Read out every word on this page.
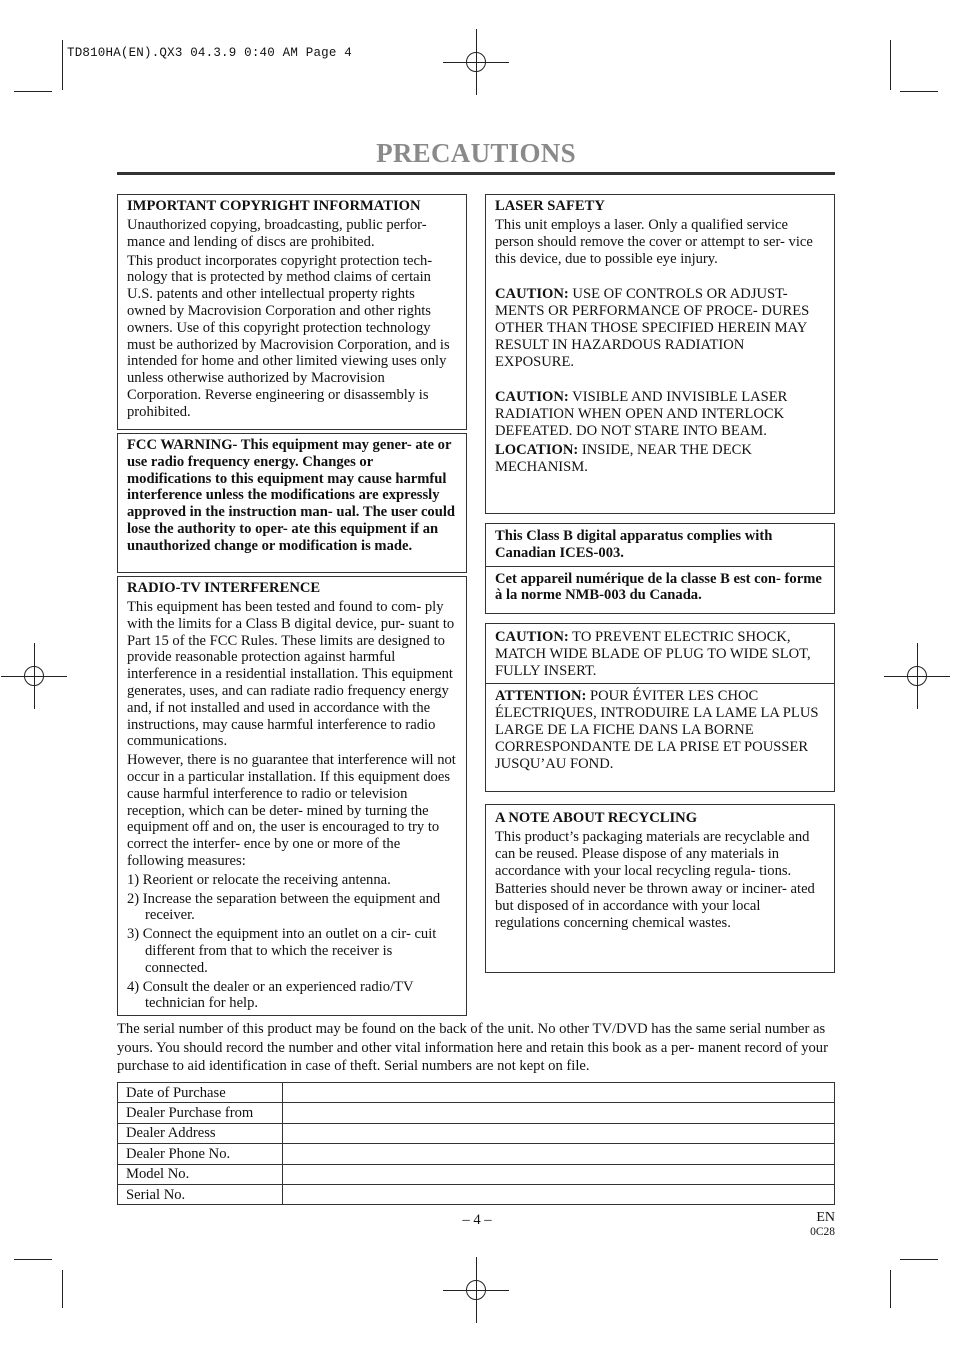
TD810HA(EN).QX3 04.3.9 0:40 AM Page 4
PRECAUTIONS
IMPORTANT COPYRIGHT INFORMATION

Unauthorized copying, broadcasting, public perfor- mance and lending of discs are prohibited.

This product incorporates copyright protection tech- nology that is protected by method claims of certain U.S. patents and other intellectual property rights owned by Macrovision Corporation and other rights owners. Use of this copyright protection technology must be authorized by Macrovision Corporation, and is intended for home and other limited viewing uses only unless otherwise authorized by Macrovision Corporation. Reverse engineering or disassembly is prohibited.

FCC WARNING- This equipment may gener- ate or use radio frequency energy. Changes or modifications to this equipment may cause harmful interference unless the modifications are expressly approved in the instruction man- ual. The user could lose the authority to oper- ate this equipment if an unauthorized change or modification is made.

RADIO-TV INTERFERENCE

This equipment has been tested and found to com- ply with the limits for a Class B digital device, pur- suant to Part 15 of the FCC Rules. These limits are designed to provide reasonable protection against harmful interference in a residential installation. This equipment generates, uses, and can radiate radio frequency energy and, if not installed and used in accordance with the instructions, may cause harmful interference to radio communications.

However, there is no guarantee that interference will not occur in a particular installation. If this equipment does cause harmful interference to radio or television reception, which can be deter- mined by turning the equipment off and on, the user is encouraged to try to correct the interfer- ence by one or more of the following measures:

1) Reorient or relocate the receiving antenna.
2) Increase the separation between the equipment and receiver.
3) Connect the equipment into an outlet on a cir- cuit different from that to which the receiver is connected.
4) Consult the dealer or an experienced radio/TV technician for help.
LASER SAFETY

This unit employs a laser. Only a qualified service person should remove the cover or attempt to ser- vice this device, due to possible eye injury.

CAUTION: USE OF CONTROLS OR ADJUST- MENTS OR PERFORMANCE OF PROCE- DURES OTHER THAN THOSE SPECIFIED HEREIN MAY RESULT IN HAZARDOUS RADIATION EXPOSURE.

CAUTION: VISIBLE AND INVISIBLE LASER RADIATION WHEN OPEN AND INTERLOCK DEFEATED. DO NOT STARE INTO BEAM.

LOCATION: INSIDE, NEAR THE DECK MECHANISM.

This Class B digital apparatus complies with Canadian ICES-003.

Cet appareil numérique de la classe B est con- forme à la norme NMB-003 du Canada.

CAUTION: TO PREVENT ELECTRIC SHOCK, MATCH WIDE BLADE OF PLUG TO WIDE SLOT, FULLY INSERT.

ATTENTION: POUR ÉVITER LES CHOC ÉLECTRIQUES, INTRODUIRE LA LAME LA PLUS LARGE DE LA FICHE DANS LA BORNE CORRESPONDANTE DE LA PRISE ET POUSSER JUSQU’AU FOND.

A NOTE ABOUT RECYCLING

This product’s packaging materials are recyclable and can be reused. Please dispose of any materials in accordance with your local recycling regula- tions.

Batteries should never be thrown away or inciner- ated but disposed of in accordance with your local regulations concerning chemical wastes.

The serial number of this product may be found on the back of the unit. No other TV/DVD has the same serial number as yours. You should record the number and other vital information here and retain this book as a per- manent record of your purchase to aid identification in case of theft. Serial numbers are not kept on file.
Date of Purchase	
Dealer Purchase from	
Dealer Address	
Dealer Phone No.	
Model No.	
Serial No.	
– 4 –	EN
0C28
